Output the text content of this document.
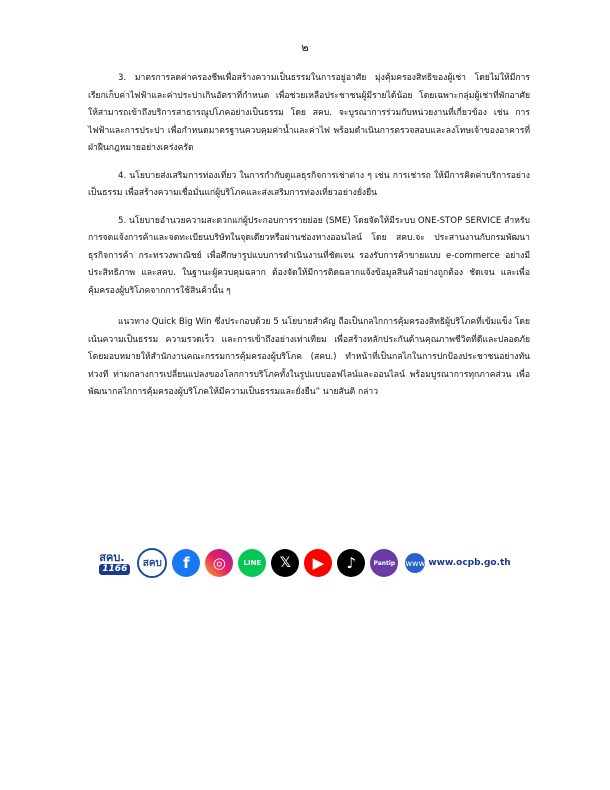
๒

3. มาตรการลดค่าครองชีพเพื่อสร้างความเป็นธรรมในการอยู่อาศัย มุ่งคุ้มครองสิทธิของผู้เช่า โดยไม่ให้มีการเรียกเก็บค่าไฟฟ้าและค่าประปาเกินอัตราที่กำหนด เพื่อช่วยเหลือประชาชนผู้มีรายได้น้อย โดยเฉพาะกลุ่มผู้เช่าที่พักอาศัย ให้สามารถเข้าถึงบริการสาธารณูปโภคอย่างเป็นธรรม โดย สคบ. จะบูรณาการร่วมกับหน่วยงานที่เกี่ยวข้อง เช่น การไฟฟ้าและการประปา เพื่อกำหนดมาตรฐานควบคุมค่าน้ำและค่าไฟ พร้อมดำเนินการตรวจสอบและลงโทษเจ้าของอาคารที่ฝ่าฝืนกฎหมายอย่างเคร่งครัด

4. นโยบายส่งเสริมการท่องเที่ยว ในการกำกับดูแลธุรกิจการเช่าต่าง ๆ เช่น การเช่ารถ ให้มีการคิดค่าบริการอย่างเป็นธรรม เพื่อสร้างความเชื่อมั่นแก่ผู้บริโภคและส่งเสริมการท่องเที่ยวอย่างยั่งยืน

5. นโยบายอำนวยความสะดวกแก่ผู้ประกอบการรายย่อย (SME) โดยจัดให้มีระบบ ONE-STOP SERVICE สำหรับการจดแจ้งการค้าและจดทะเบียนบริษัทในจุดเดียวหรือผ่านช่องทางออนไลน์ โดย สคบ.จะ ประสานงานกับกรมพัฒนาธุรกิจการค้า กระทรวงพาณิชย์ เพื่อศึกษารูปแบบการดำเนินงานที่ชัดเจน รองรับการค้าขายแบบ e-commerce อย่างมีประสิทธิภาพ และสคบ. ในฐานะผู้ควบคุมฉลาก ต้องจัดให้มีการติดฉลากแจ้งข้อมูลสินค้าอย่างถูกต้อง ชัดเจน และเพื่อคุ้มครองผู้บริโภคจากการใช้สินค้านั้น ๆ

แนวทาง Quick Big Win ซึ่งประกอบด้วย 5 นโยบายสำคัญ ถือเป็นกลไกการคุ้มครองสิทธิผู้บริโภคที่เข้มแข็ง โดยเน้นความเป็นธรรม ความรวดเร็ว และการเข้าถึงอย่างเท่าเทียม เพื่อสร้างหลักประกันด้านคุณภาพชีวิตที่ดีและปลอดภัย โดยมอบหมายให้สำนักงานคณะกรรมการคุ้มครองผู้บริโภค (สคบ.) ทำหน้าที่เป็นกลไกในการปกป้องประชาชนอย่างทันท่วงที ท่ามกลางการเปลี่ยนแปลงของโลกการบริโภคทั้งในรูปแบบออฟไลน์และออนไลน์ พร้อมบูรณาการทุกภาคส่วน เพื่อพัฒนากลไกการคุ้มครองผู้บริโภคให้มีความเป็นธรรมและยั่งยืน” นายสันติ กล่าว

สคบ.
1166	สคบ	f	◎	LINE	𝕏	▶	♪	Pantip	www www.ocpb.go.th
